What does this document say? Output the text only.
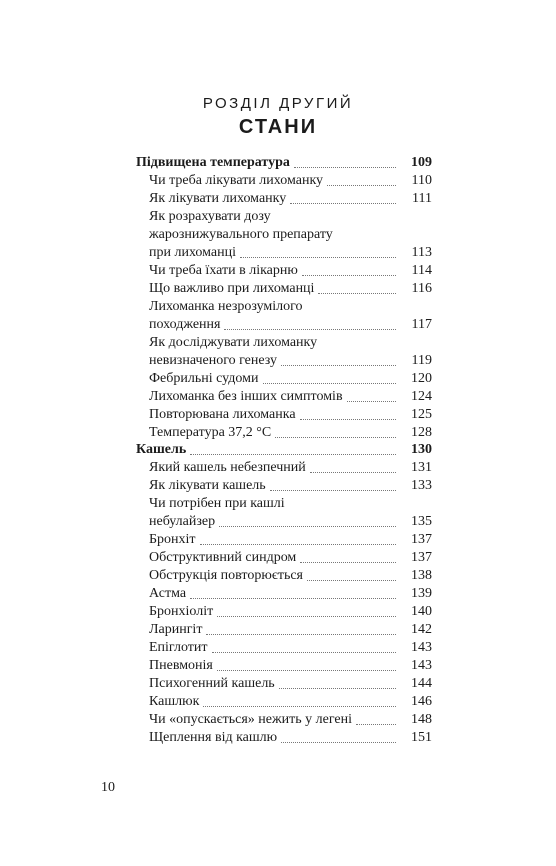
РОЗДІЛ ДРУГИЙ
СТАНИ
Підвищена температура	109
Чи треба лікувати лихоманку	110
Як лікувати лихоманку	111
Як розрахувати дозу
жарознижувального препарату
при лихоманці	113
Чи треба їхати в лікарню	114
Що важливо при лихоманці	116
Лихоманка незрозумілого
походження	117
Як досліджувати лихоманку
невизначеного генезу	119
Фебрильні судоми	120
Лихоманка без інших симптомів	124
Повторювана лихоманка	125
Температура 37,2 °С	128
Кашель	130
Який кашель небезпечний	131
Як лікувати кашель	133
Чи потрібен при кашлі
небулайзер	135
Бронхіт	137
Обструктивний синдром	137
Обструкція повторюється	138
Астма	139
Бронхіоліт	140
Ларингіт	142
Епіглотит	143
Пневмонія	143
Психогенний кашель	144
Кашлюк	146
Чи «опускається» нежить у легені	148
Щеплення від кашлю	151
10
